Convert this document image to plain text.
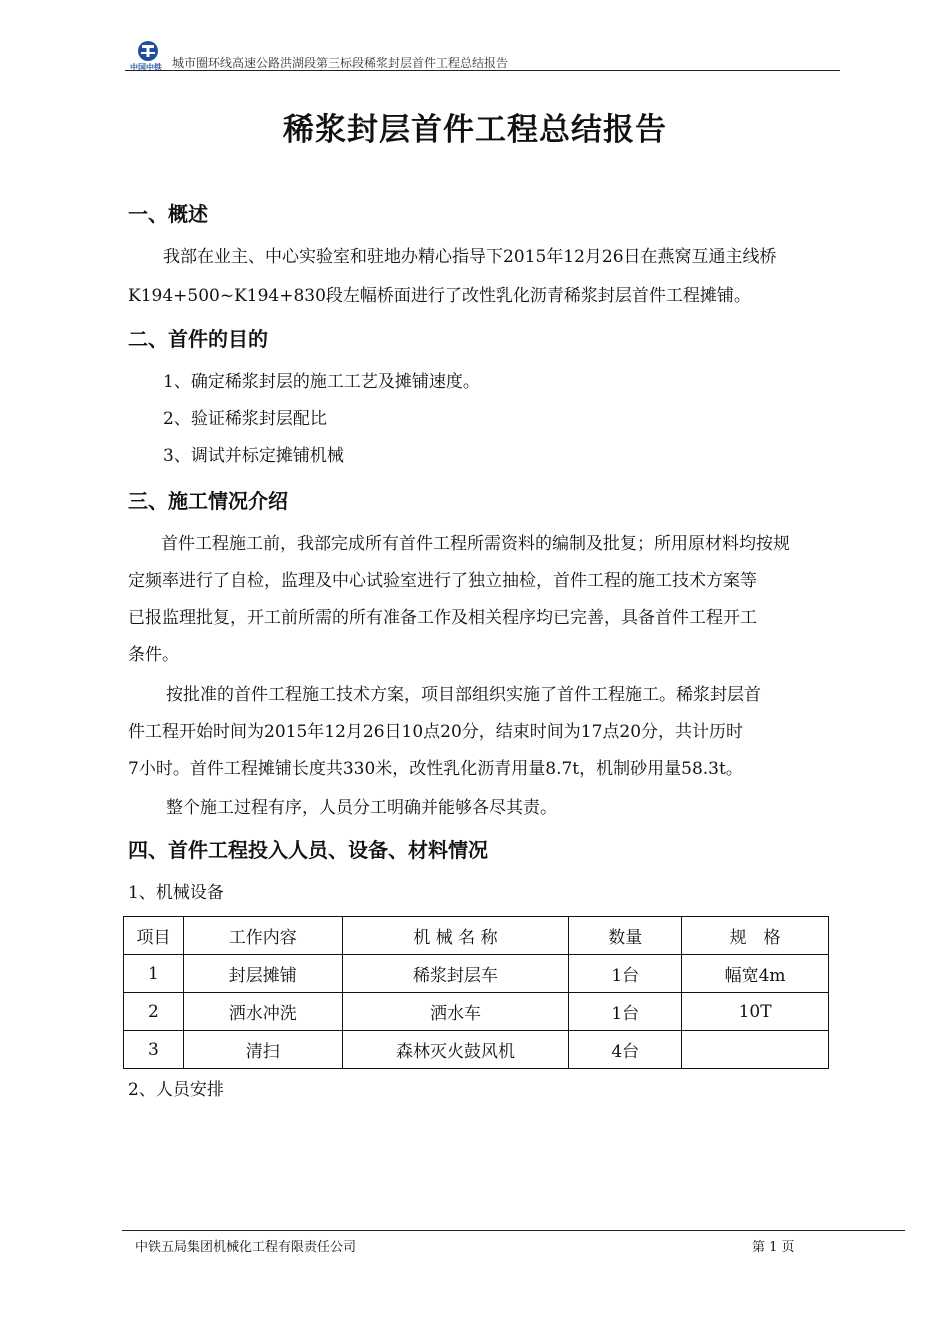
中国中铁 城市圈环线高速公路洪湖段第三标段稀浆封层首件工程总结报告
稀浆封层首件工程总结报告
一、概述
我部在业主、中心实验室和驻地办精心指导下2015年12月26日在燕窝互通主线桥
K194+500~K194+830段左幅桥面进行了改性乳化沥青稀浆封层首件工程摊铺。
二、首件的目的
1、确定稀浆封层的施工工艺及摊铺速度。
2、验证稀浆封层配比
3、调试并标定摊铺机械
三、施工情况介绍
首件工程施工前，我部完成所有首件工程所需资料的编制及批复；所用原材料均按规
定频率进行了自检，监理及中心试验室进行了独立抽检，首件工程的施工技术方案等
已报监理批复，开工前所需的所有准备工作及相关程序均已完善，具备首件工程开工
条件。
按批准的首件工程施工技术方案，项目部组织实施了首件工程施工。稀浆封层首
件工程开始时间为2015年12月26日10点20分，结束时间为17点20分，共计历时
7小时。首件工程摊铺长度共330米，改性乳化沥青用量8.7t，机制砂用量58.3t。
整个施工过程有序，人员分工明确并能够各尽其责。
四、首件工程投入人员、设备、材料情况
1、机械设备
项目	工作内容	机 械 名 称	数量	规　格
1	封层摊铺	稀浆封层车	1台	幅宽4m
2	洒水冲洗	洒水车	1台	10T
3	清扫	森林灭火鼓风机	4台	
2、人员安排
中铁五局集团机械化工程有限责任公司	第 1 页
